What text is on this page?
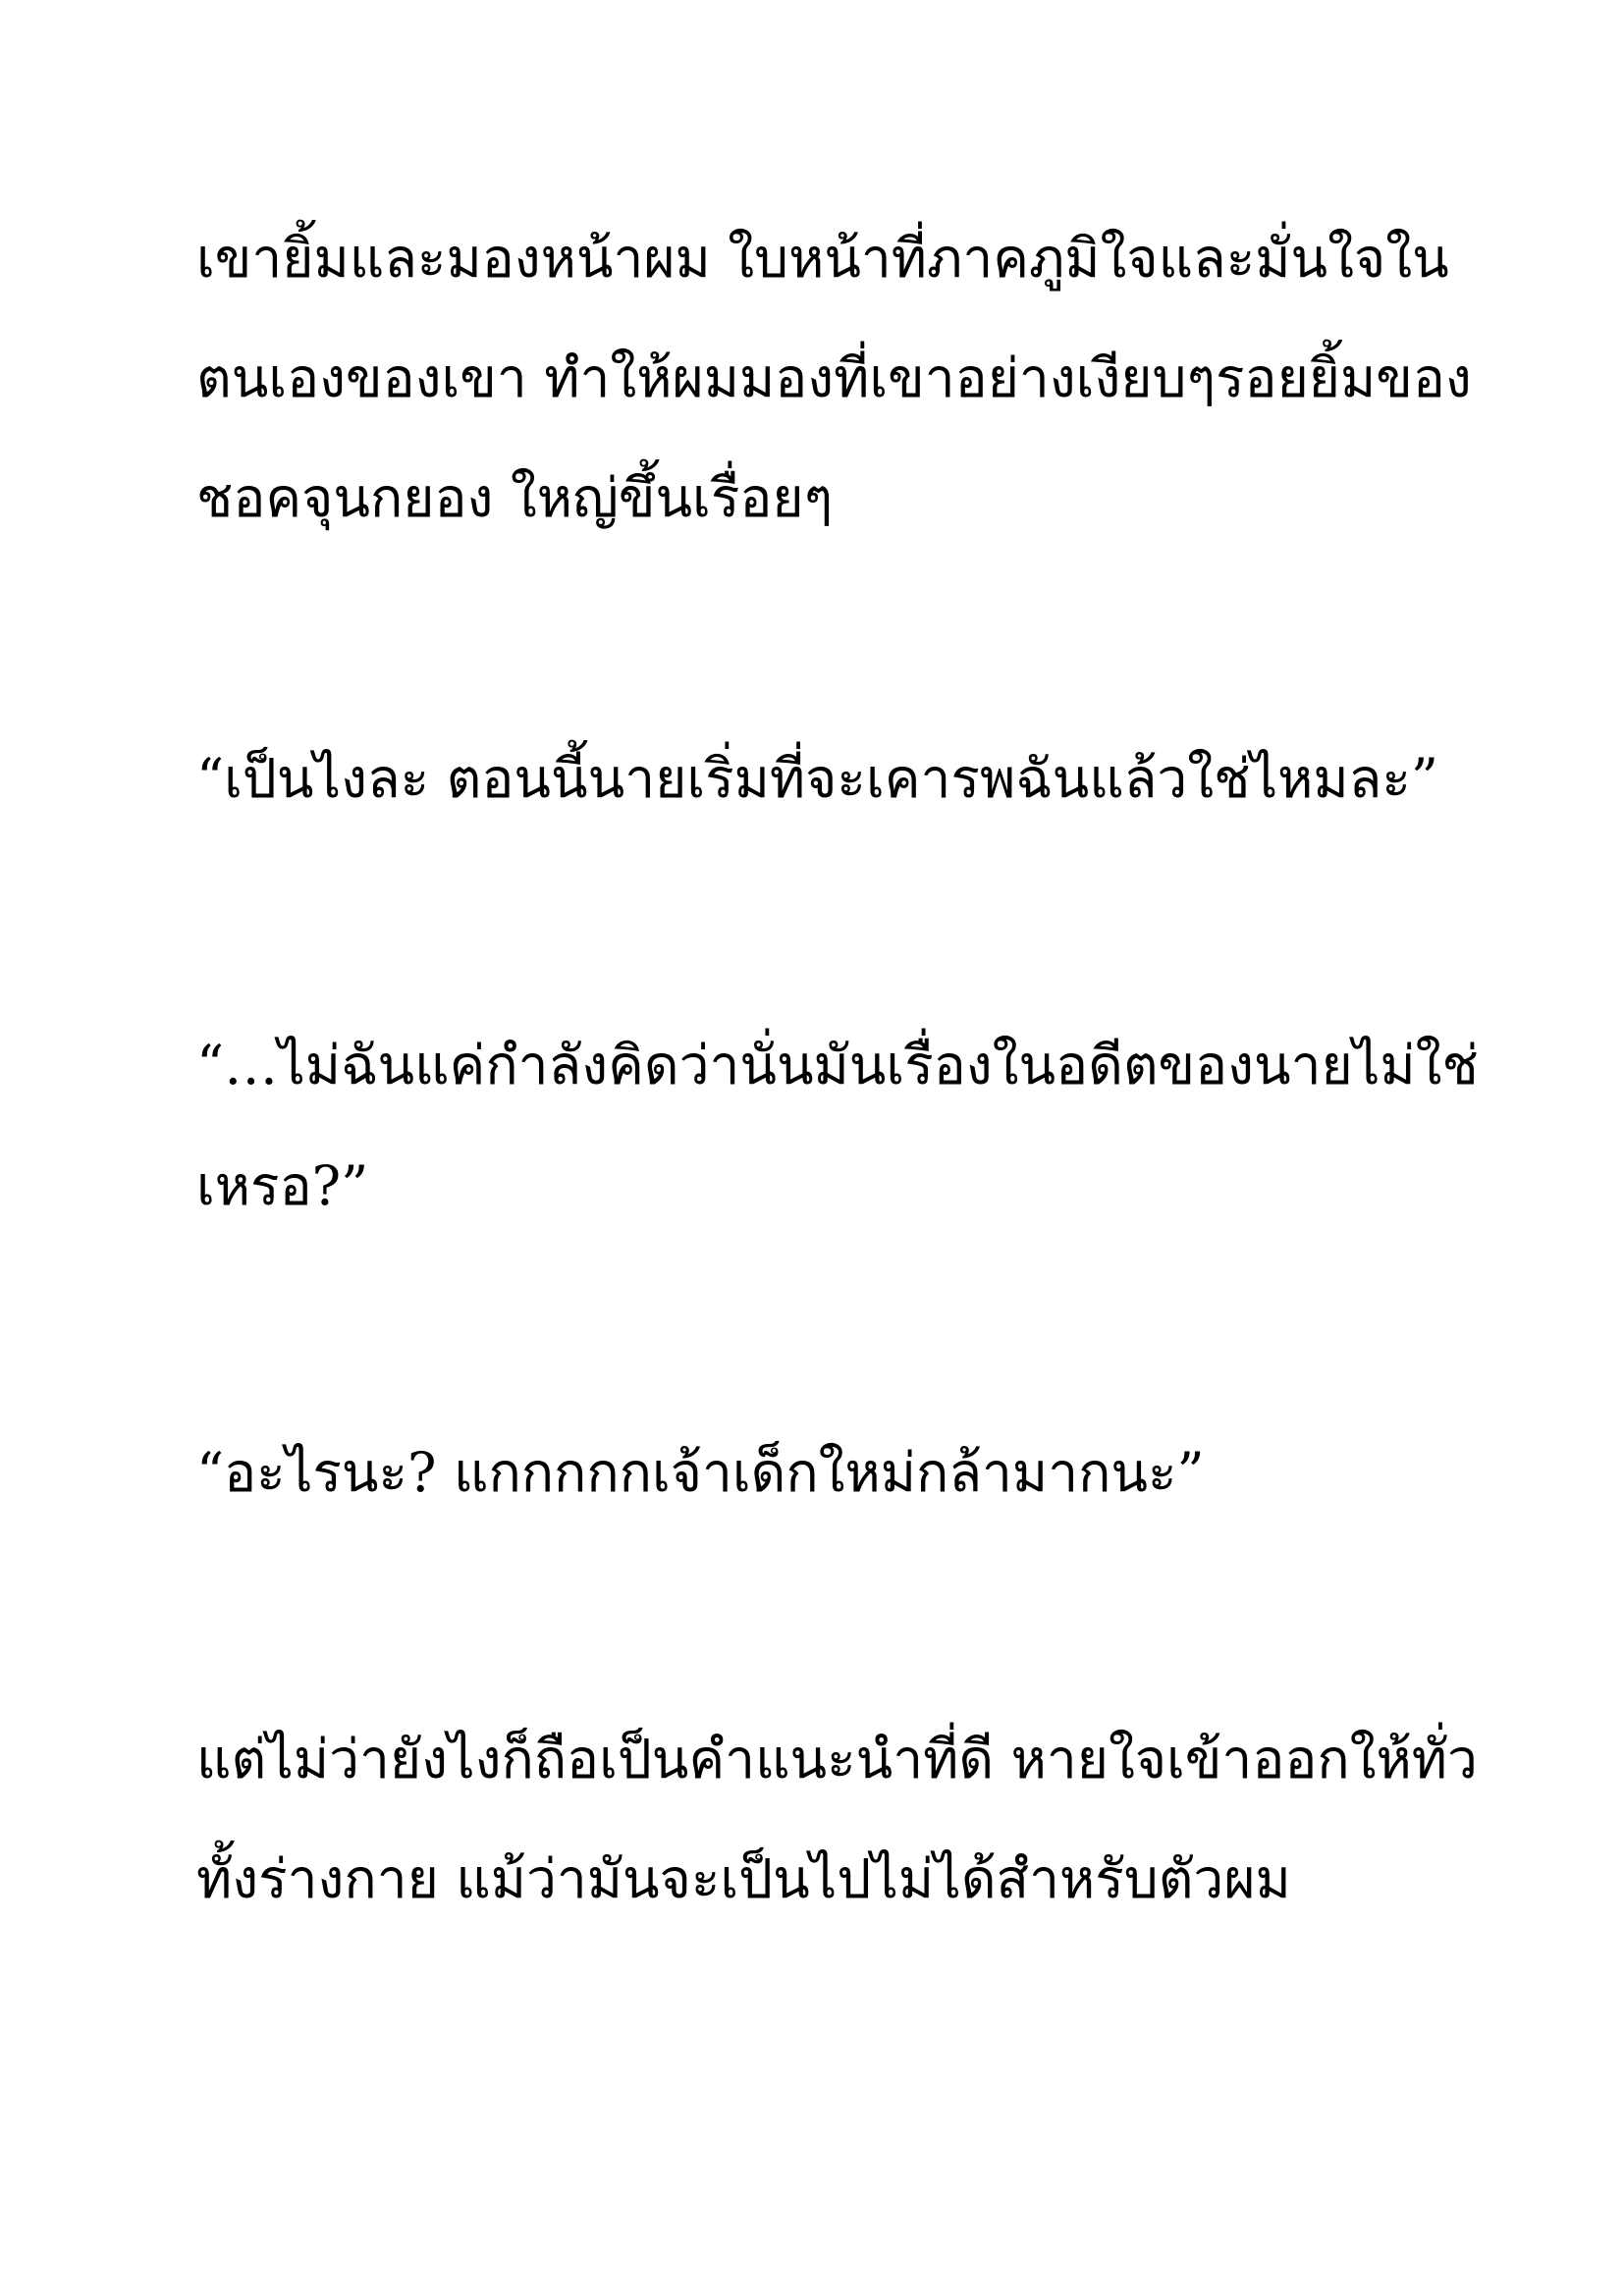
เขายิ้มและมองหน้าผม ใบหน้าที่ภาคภูมิใจและมั่นใจใน

ตนเองของเขา ทำให้ผมมองที่เขาอย่างเงียบๆรอยยิ้มของ

ชอคจุนกยอง ใหญ่ขึ้นเรื่อยๆ

“เป็นไงละ ตอนนี้นายเริ่มที่จะเคารพฉันแล้วใช่ไหมละ”

“…ไม่ฉันแค่กำลังคิดว่านั่นมันเรื่องในอดีตของนายไม่ใช่

เหรอ?”

“อะไรนะ? แกกกกกเจ้าเด็กใหม่กล้ามากนะ”

แต่ไม่ว่ายังไงก็ถือเป็นคำแนะนำที่ดี หายใจเข้าออกให้ทั่ว

ทั้งร่างกาย แม้ว่ามันจะเป็นไปไม่ได้สำหรับตัวผม
